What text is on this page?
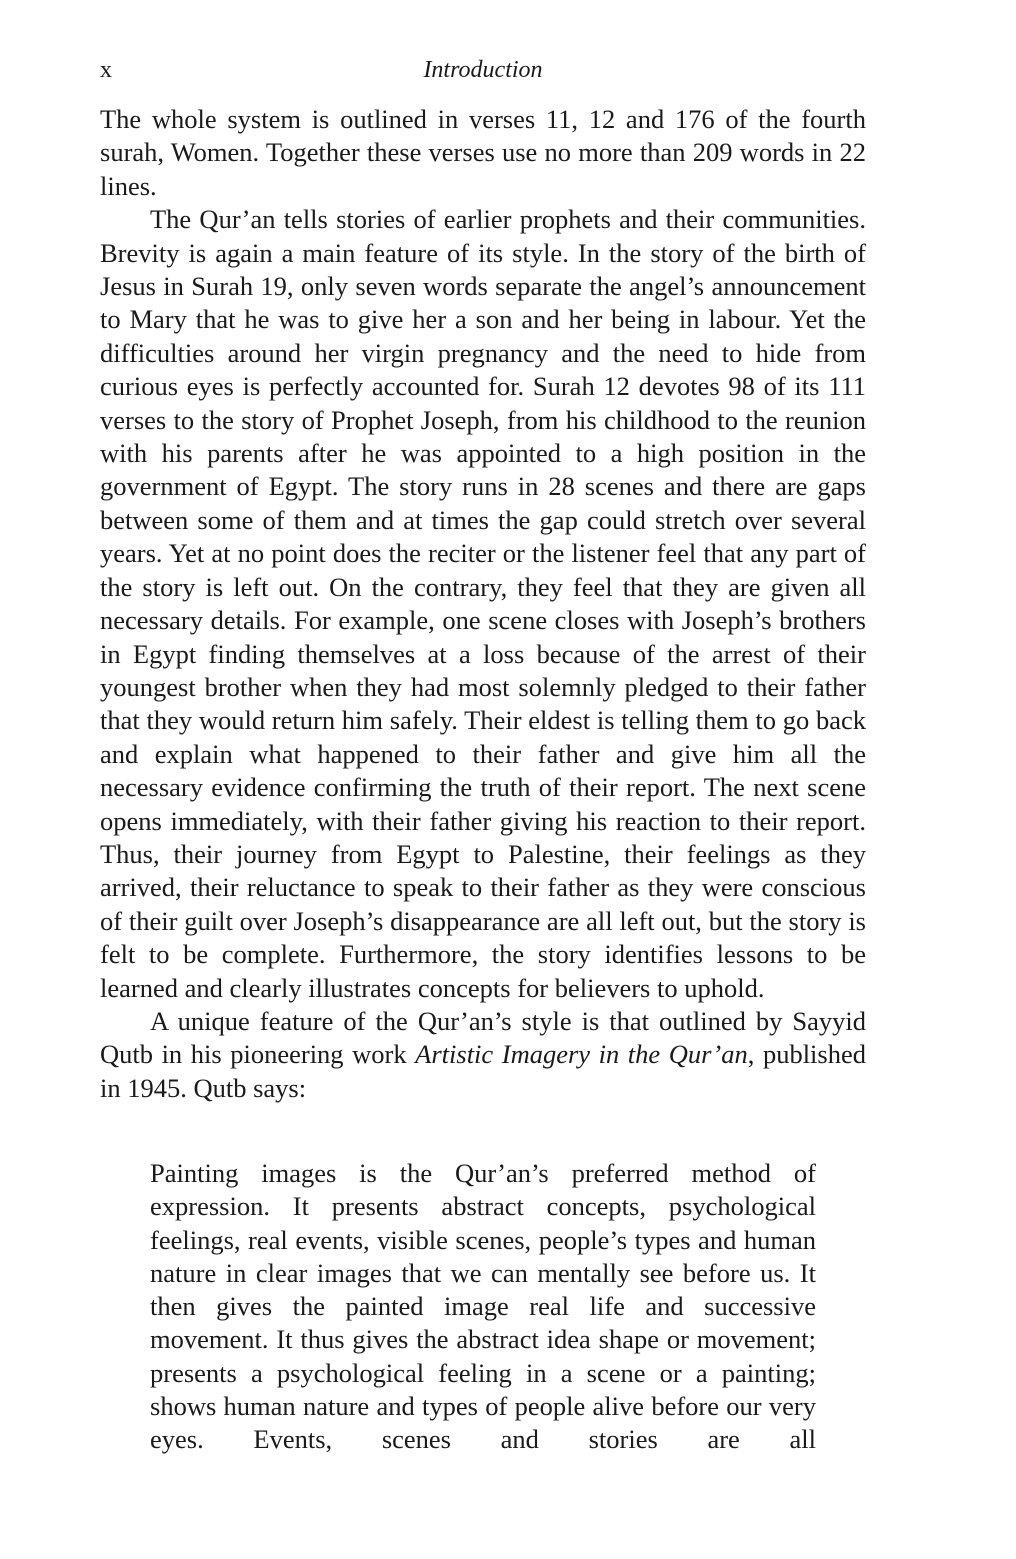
x	Introduction

The whole system is outlined in verses 11, 12 and 176 of the fourth surah, Women. Together these verses use no more than 209 words in 22 lines.

The Qur’an tells stories of earlier prophets and their communities. Brevity is again a main feature of its style. In the story of the birth of Jesus in Surah 19, only seven words separate the angel’s announcement to Mary that he was to give her a son and her being in labour. Yet the difficulties around her virgin pregnancy and the need to hide from curious eyes is perfectly accounted for. Surah 12 devotes 98 of its 111 verses to the story of Prophet Joseph, from his childhood to the reunion with his parents after he was appointed to a high position in the government of Egypt. The story runs in 28 scenes and there are gaps between some of them and at times the gap could stretch over several years. Yet at no point does the reciter or the listener feel that any part of the story is left out. On the contrary, they feel that they are given all necessary details. For example, one scene closes with Joseph’s brothers in Egypt finding themselves at a loss because of the arrest of their youngest brother when they had most solemnly pledged to their father that they would return him safely. Their eldest is telling them to go back and explain what happened to their father and give him all the necessary evidence confirming the truth of their report. The next scene opens immediately, with their father giving his reaction to their report. Thus, their journey from Egypt to Palestine, their feelings as they arrived, their reluctance to speak to their father as they were conscious of their guilt over Joseph’s disappearance are all left out, but the story is felt to be complete. Furthermore, the story identifies lessons to be learned and clearly illustrates concepts for believers to uphold.

A unique feature of the Qur’an’s style is that outlined by Sayyid Qutb in his pioneering work Artistic Imagery in the Qur’an, published in 1945. Qutb says:

Painting images is the Qur’an’s preferred method of expression. It presents abstract concepts, psychological feelings, real events, visible scenes, people’s types and human nature in clear images that we can mentally see before us. It then gives the painted image real life and successive movement. It thus gives the abstract idea shape or movement; presents a psychological feeling in a scene or a painting; shows human nature and types of people alive before our very eyes. Events, scenes and stories are all
